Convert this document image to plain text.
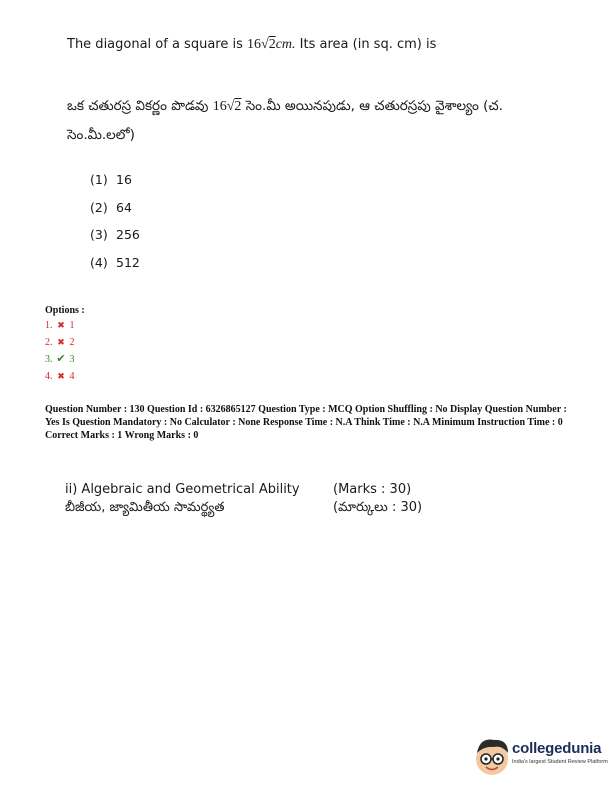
The diagonal of a square is 16√2cm. Its area (in sq. cm) is
ఒక చతురస్ర వికర్ణం పొడవు 16√2 సెం.మీ అయినపుడు, ఆ చతురస్రపు వైశాల్యం (చ. సెం.మీ.లలో)
(1) 16
(2) 64
(3) 256
(4) 512
Options :
1. ✖ 1
2. ✖ 2
3. ✔ 3
4. ✖ 4
Question Number : 130 Question Id : 6326865127 Question Type : MCQ Option Shuffling : No Display Question Number : Yes Is Question Mandatory : No Calculator : None Response Time : N.A Think Time : N.A Minimum Instruction Time : 0
Correct Marks : 1 Wrong Marks : 0
ii) Algebraic and Geometrical Ability
బీజీయ, జ్యామితీయ సామర్థ్యత
(Marks : 30)
(మార్కులు : 30)
collegedunia
India's largest Student Review Platform
